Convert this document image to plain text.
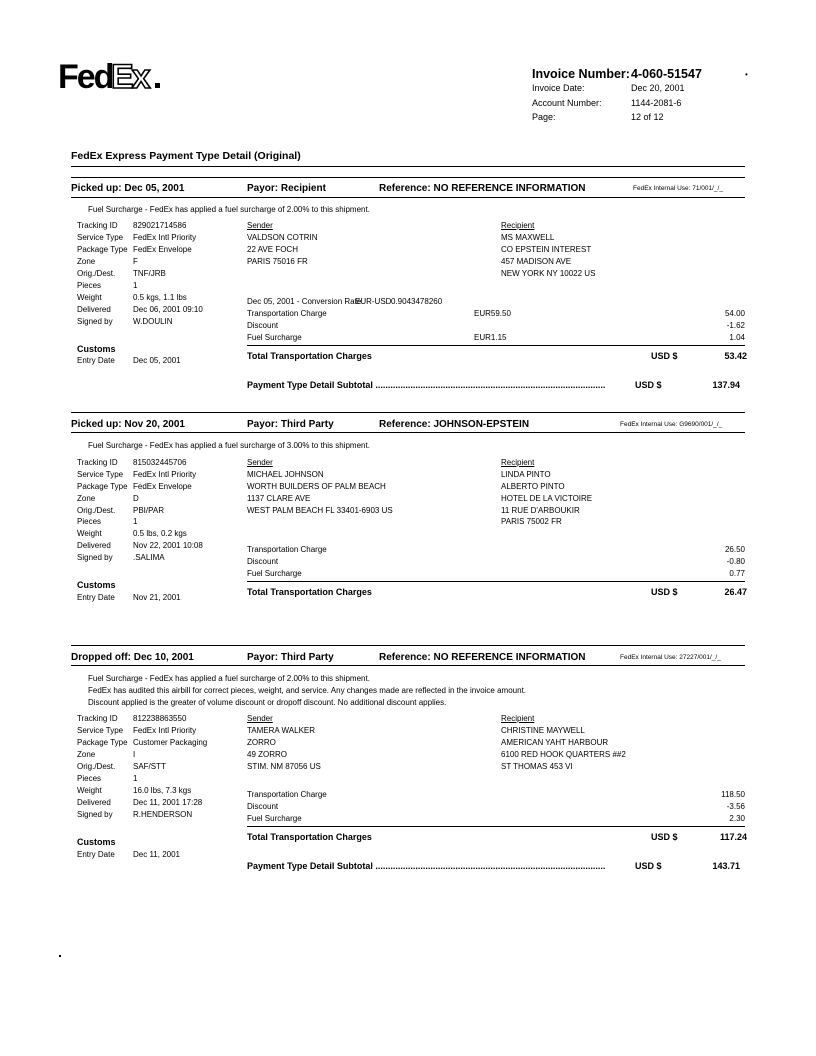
Fed
Ex	Invoice Number: 4-060-51547	•
Invoice Date:	Dec 20, 2001
Account Number:	1144-2081-6
Page:	12 of 12
FedEx Express Payment Type Detail (Original)
Picked up: Dec 05, 2001	Payor: Recipient	Reference: NO REFERENCE INFORMATION	FedEx Internal Use: 71/001/_/_
Fuel Surcharge - FedEx has applied a fuel surcharge of 2.00% to this shipment.
Tracking ID 829021714586
Service Type FedEx Intl Priority
Package Type FedEx Envelope
Zone	F
Orig./Dest. TNF/JRB
Pieces	1
Weight	0.5 kgs, 1.1 lbs
Delivered	Dec 06, 2001 09:10
Signed by	W.DOULIN
Customs
Entry Date Dec 05, 2001
Sender
VALDSON COTRIN
22 AVE FOCH
PARIS 75016 FR
Recipient
MS MAXWELL
CO EPSTEIN INTEREST
457 MADISON AVE
NEW YORK NY 10022 US
Dec 05, 2001 - Conversion Rate
EUR-USD 0.9043478260
Transportation Charge	EUR59.50	54.00
Discount	-1.62
Fuel Surcharge	EUR1.15	1.04
Total Transportation Charges	USD $	53.42
Payment Type Detail Subtotal ............................................................................................	USD $	137.94
Picked up: Nov 20, 2001	Payor: Third Party	Reference: JOHNSON-EPSTEIN	FedEx Internal Use: G9690/001/_/_
Fuel Surcharge - FedEx has applied a fuel surcharge of 3.00% to this shipment.
Tracking ID 815032445706
Service Type FedEx Intl Priority
Package Type FedEx Envelope
Zone	D
Orig./Dest. PBI/PAR
Pieces	1
Weight	0.5 lbs, 0.2 kgs
Delivered	Nov 22, 2001 10:08
Signed by	.SALIMA
Customs
Entry Date Nov 21, 2001
Sender
MICHAEL JOHNSON
WORTH BUILDERS OF PALM BEACH
1137 CLARE AVE
WEST PALM BEACH FL 33401-6903 US
Recipient
LINDA PINTO
ALBERTO PINTO
HOTEL DE LA VICTOIRE
11 RUE D'ARBOUKIR
PARIS 75002 FR
Transportation Charge	26.50
Discount	-0.80
Fuel Surcharge	0.77
Total Transportation Charges	USD $	26.47
Dropped off: Dec 10, 2001	Payor: Third Party	Reference: NO REFERENCE INFORMATION	FedEx Internal Use: 27227/001/_/_
Fuel Surcharge - FedEx has applied a fuel surcharge of 2.00% to this shipment.
FedEx has audited this airbill for correct pieces, weight, and service. Any changes made are reflected in the invoice amount.
Discount applied is the greater of volume discount or dropoff discount. No additional discount applies.
Tracking ID 812238863550
Service Type FedEx Intl Priority
Package Type Customer Packaging
Zone	I
Orig./Dest. SAF/STT
Pieces	1
Weight	16.0 lbs, 7.3 kgs
Delivered	Dec 11, 2001 17:28
Signed by	R.HENDERSON
Customs
Entry Date Dec 11, 2001
Sender
TAMERA WALKER
ZORRO
49 ZORRO
STIM. NM 87056 US
Recipient
CHRISTINE MAYWELL
AMERICAN YAHT HARBOUR
6100 RED HOOK QUARTERS ##2
ST THOMAS 453 VI
Transportation Charge	118.50
Discount	-3.56
Fuel Surcharge	2.30
Total Transportation Charges	USD $	117.24
Payment Type Detail Subtotal ............................................................................................	USD $	143.71
